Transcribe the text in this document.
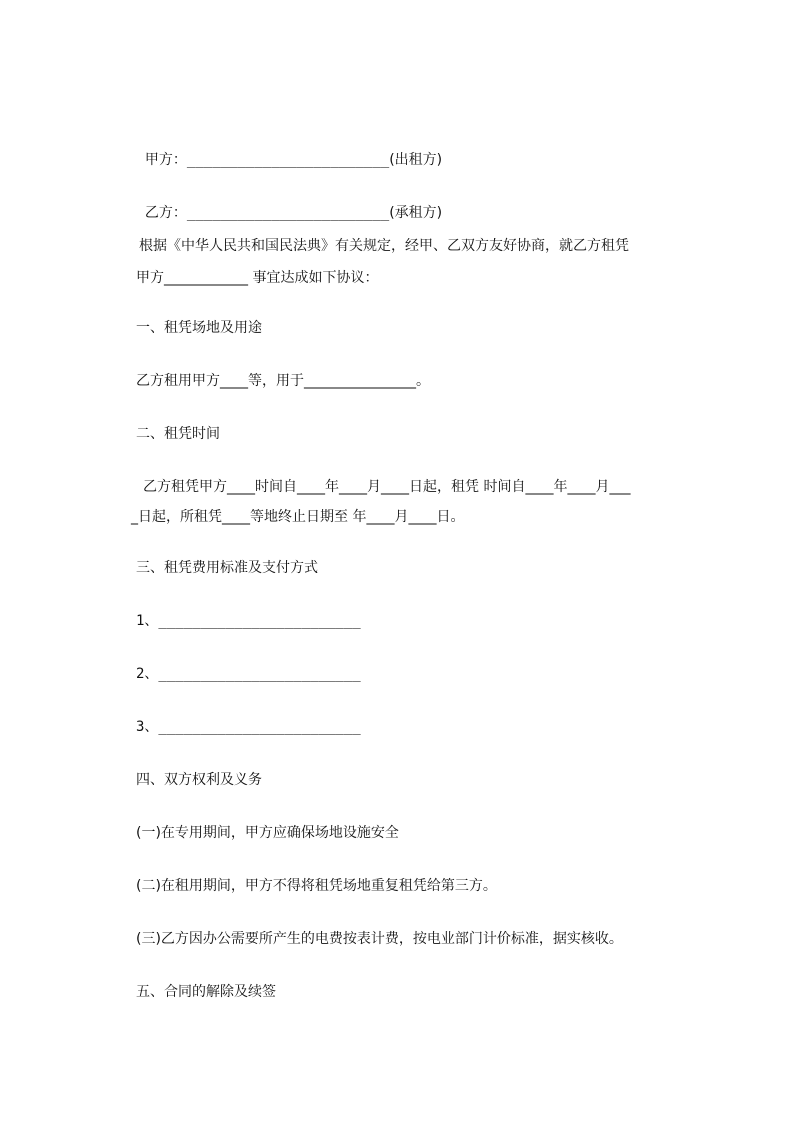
甲方：________________________(出租方)

乙方：________________________(承租方)

根据《中华人民共和国民法典》有关规定，经甲、乙双方友好协商，就乙方租凭
甲方____________ 事宜达成如下协议：
一、租凭场地及用途
乙方租用甲方____等，用于________________。
二、租凭时间
乙方租凭甲方____时间自____年____月____日起，租凭 时间自____年____月___
_日起，所租凭____等地终止日期至 年____月____日。
三、租凭费用标准及支付方式
1、________________________
2、________________________
3、________________________
四、双方权利及义务
(一)在专用期间，甲方应确保场地设施安全
(二)在租用期间，甲方不得将租凭场地重复租凭给第三方。
(三)乙方因办公需要所产生的电费按表计费，按电业部门计价标准，据实核收。
五、合同的解除及续签
